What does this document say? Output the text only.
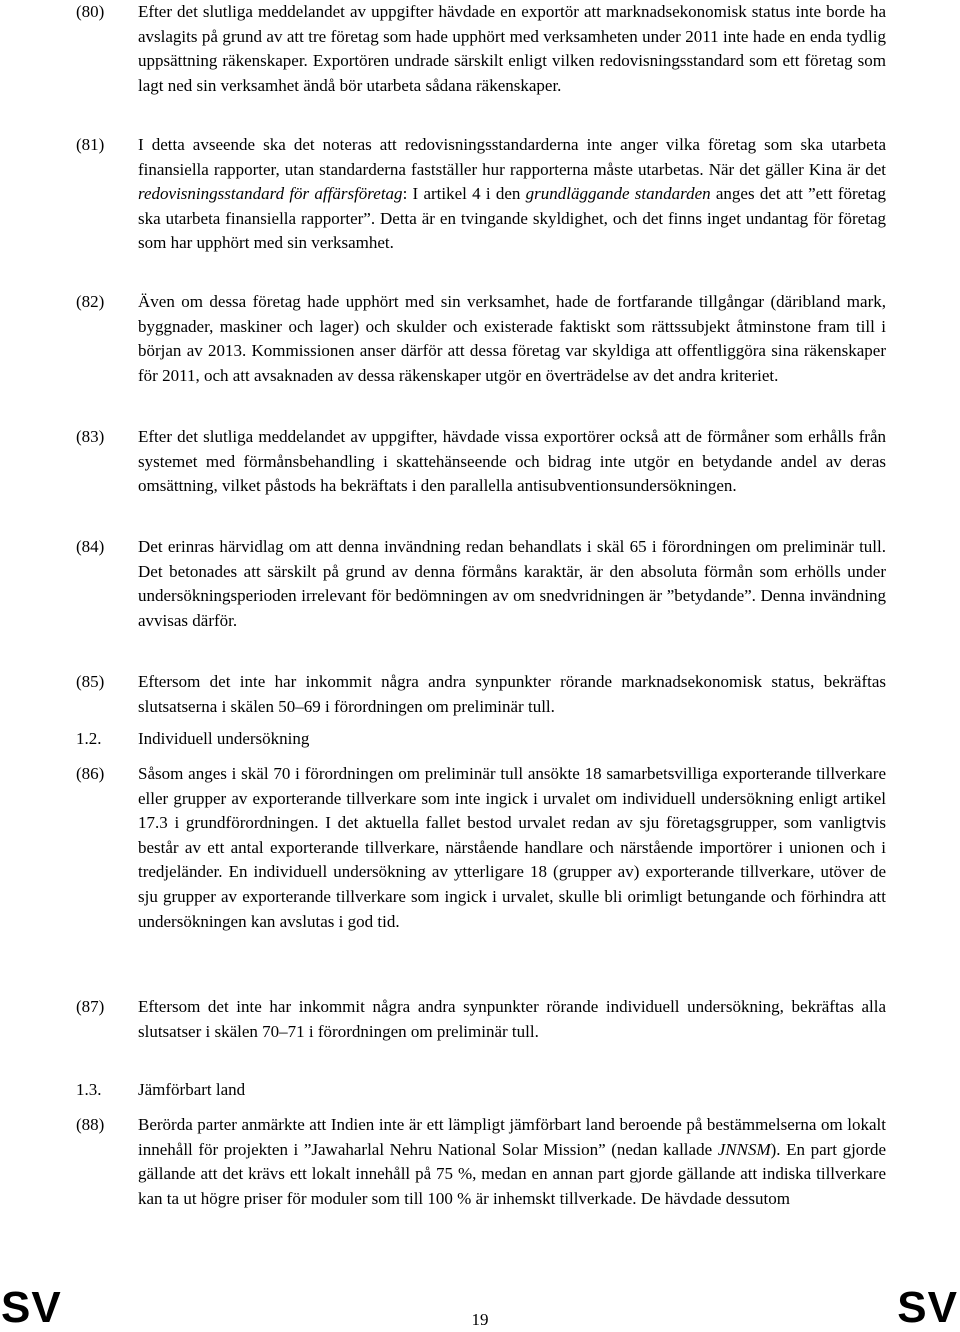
(80)	Efter det slutliga meddelandet av uppgifter hävdade en exportör att marknadsekonomisk status inte borde ha avslagits på grund av att tre företag som hade upphört med verksamheten under 2011 inte hade en enda tydlig uppsättning räkenskaper. Exportören undrade särskilt enligt vilken redovisningsstandard som ett företag som lagt ned sin verksamhet ändå bör utarbeta sådana räkenskaper.
(81)	I detta avseende ska det noteras att redovisningsstandarderna inte anger vilka företag som ska utarbeta finansiella rapporter, utan standarderna fastställer hur rapporterna måste utarbetas. När det gäller Kina är det redovisningsstandard för affärsföretag: I artikel 4 i den grundläggande standarden anges det att ”ett företag ska utarbeta finansiella rapporter”. Detta är en tvingande skyldighet, och det finns inget undantag för företag som har upphört med sin verksamhet.
(82)	Även om dessa företag hade upphört med sin verksamhet, hade de fortfarande tillgångar (däribland mark, byggnader, maskiner och lager) och skulder och existerade faktiskt som rättssubjekt åtminstone fram till i början av 2013. Kommissionen anser därför att dessa företag var skyldiga att offentliggöra sina räkenskaper för 2011, och att avsaknaden av dessa räkenskaper utgör en överträdelse av det andra kriteriet.
(83)	Efter det slutliga meddelandet av uppgifter, hävdade vissa exportörer också att de förmåner som erhålls från systemet med förmånsbehandling i skattehänseende och bidrag inte utgör en betydande andel av deras omsättning, vilket påstods ha bekräftats i den parallella antisubventionsundersökningen.
(84)	Det erinras härvidlag om att denna invändning redan behandlats i skäl 65 i förordningen om preliminär tull. Det betonades att särskilt på grund av denna förmåns karaktär, är den absoluta förmån som erhölls under undersökningsperioden irrelevant för bedömningen av om snedvridningen är ”betydande”. Denna invändning avvisas därför.
(85)	Eftersom det inte har inkommit några andra synpunkter rörande marknadsekonomisk status, bekräftas slutsatserna i skälen 50–69 i förordningen om preliminär tull.
1.2.	Individuell undersökning
(86)	Såsom anges i skäl 70 i förordningen om preliminär tull ansökte 18 samarbetsvilliga exporterande tillverkare eller grupper av exporterande tillverkare som inte ingick i urvalet om individuell undersökning enligt artikel 17.3 i grundförordningen. I det aktuella fallet bestod urvalet redan av sju företagsgrupper, som vanligtvis består av ett antal exporterande tillverkare, närstående handlare och närstående importörer i unionen och i tredjeländer. En individuell undersökning av ytterligare 18 (grupper av) exporterande tillverkare, utöver de sju grupper av exporterande tillverkare som ingick i urvalet, skulle bli orimligt betungande och förhindra att undersökningen kan avslutas i god tid.
(87)	Eftersom det inte har inkommit några andra synpunkter rörande individuell undersökning, bekräftas alla slutsatser i skälen 70–71 i förordningen om preliminär tull.
1.3.	Jämförbart land
(88)	Berörda parter anmärkte att Indien inte är ett lämpligt jämförbart land beroende på bestämmelserna om lokalt innehåll för projekten i ”Jawaharlal Nehru National Solar Mission” (nedan kallade JNNSM). En part gjorde gällande att det krävs ett lokalt innehåll på 75 %, medan en annan part gjorde gällande att indiska tillverkare kan ta ut högre priser för moduler som till 100 % är inhemskt tillverkade. De hävdade dessutom
SV	19	SV
